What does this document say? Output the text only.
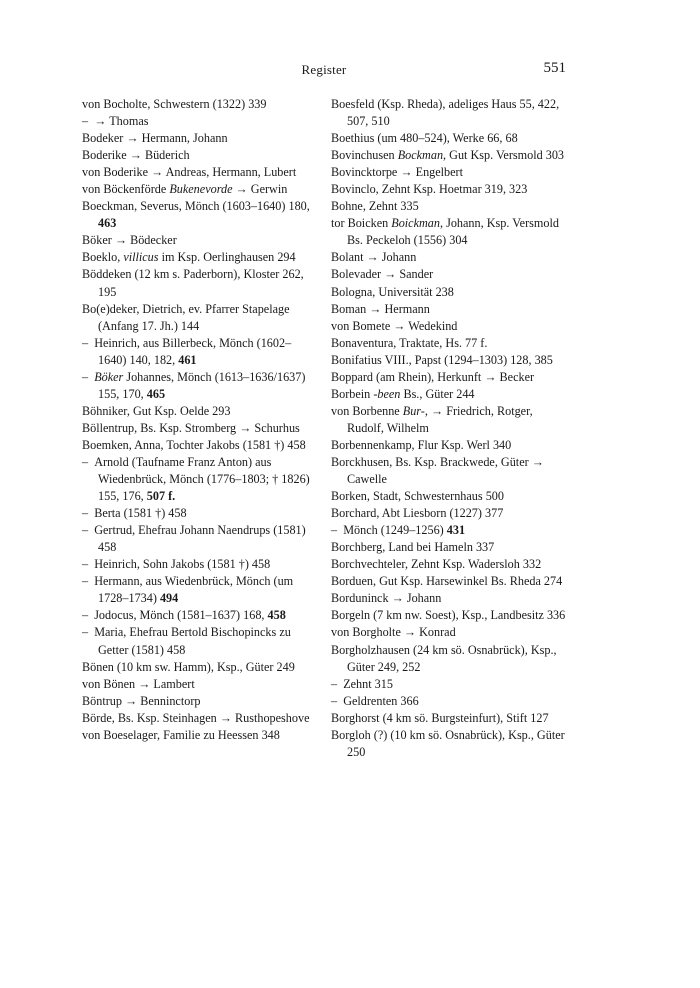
Register	551
von Bocholte, Schwestern (1322) 339
– → Thomas
Bodeker → Hermann, Johann
Boderike → Büderich
von Boderike → Andreas, Hermann, Lubert
von Böckenförde Bukenevorde → Gerwin
Boeckman, Severus, Mönch (1603–1640) 180, 463
Böker → Bödecker
Boeklo, villicus im Ksp. Oerlinghausen 294
Böddeken (12 km s. Paderborn), Kloster 262, 195
Bo(e)deker, Dietrich, ev. Pfarrer Stapelage (Anfang 17. Jh.) 144
– Heinrich, aus Billerbeck, Mönch (1602–1640) 140, 182, 461
– Böker Johannes, Mönch (1613–1636/1637) 155, 170, 465
Böhniker, Gut Ksp. Oelde 293
Böllentrup, Bs. Ksp. Stromberg → Schurhus
Boemken, Anna, Tochter Jakobs (1581 †) 458
– Arnold (Taufname Franz Anton) aus Wiedenbrück, Mönch (1776–1803; † 1826) 155, 176, 507 f.
– Berta (1581 †) 458
– Gertrud, Ehefrau Johann Naendrups (1581) 458
– Heinrich, Sohn Jakobs (1581 †) 458
– Hermann, aus Wiedenbrück, Mönch (um 1728–1734) 494
– Jodocus, Mönch (1581–1637) 168, 458
– Maria, Ehefrau Bertold Bischopincks zu Getter (1581) 458
Bönen (10 km sw. Hamm), Ksp., Güter 249
von Bönen → Lambert
Böntrup → Benninctorp
Börde, Bs. Ksp. Steinhagen → Rusthopeshove
von Boeselager, Familie zu Heessen 348
Boesfeld (Ksp. Rheda), adeliges Haus 55, 422, 507, 510
Boethius (um 480–524), Werke 66, 68
Bovinchusen Bockman, Gut Ksp. Versmold 303
Bovincktorpe → Engelbert
Bovinclo, Zehnt Ksp. Hoetmar 319, 323
Bohne, Zehnt 335
tor Boicken Boickman, Johann, Ksp. Versmold Bs. Peckeloh (1556) 304
Bolant → Johann
Bolevader → Sander
Bologna, Universität 238
Boman → Hermann
von Bomete → Wedekind
Bonaventura, Traktate, Hs. 77 f.
Bonifatius VIII., Papst (1294–1303) 128, 385
Boppard (am Rhein), Herkunft → Becker
Borbein -been Bs., Güter 244
von Borbenne Bur-, → Friedrich, Rotger, Rudolf, Wilhelm
Borbennenkamp, Flur Ksp. Werl 340
Borckhusen, Bs. Ksp. Brackwede, Güter → Cawelle
Borken, Stadt, Schwesternhaus 500
Borchard, Abt Liesborn (1227) 377
– Mönch (1249–1256) 431
Borchberg, Land bei Hameln 337
Borchvechteler, Zehnt Ksp. Wadersloh 332
Borduen, Gut Ksp. Harsewinkel Bs. Rheda 274
Borduninck → Johann
Borgeln (7 km nw. Soest), Ksp., Landbesitz 336
von Borgholte → Konrad
Borgholzhausen (24 km sö. Osnabrück), Ksp., Güter 249, 252
– Zehnt 315
– Geldrenten 366
Borghorst (4 km sö. Burgsteinfurt), Stift 127
Borgloh (?) (10 km sö. Osnabrück), Ksp., Güter 250
